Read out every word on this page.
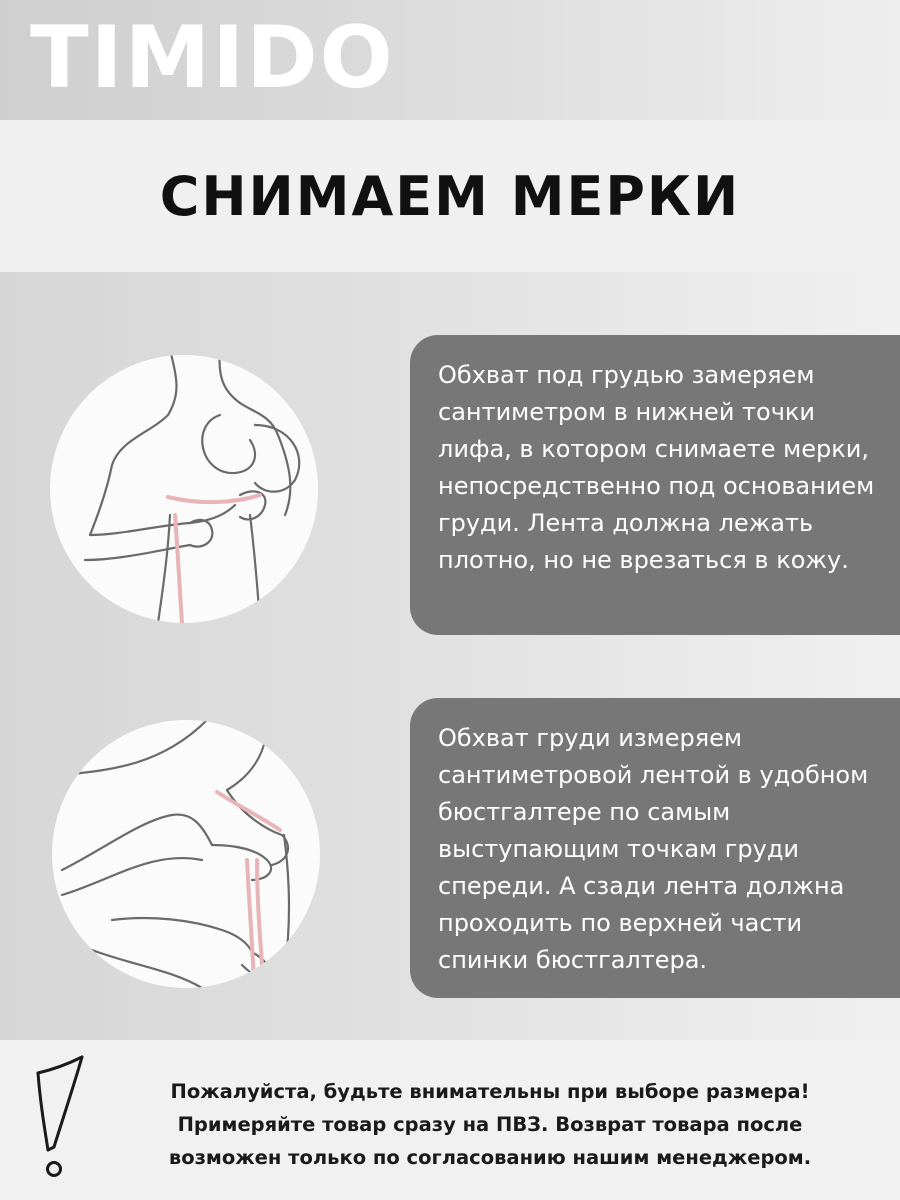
TIMIDO
СНИМАЕМ МЕРКИ
Обхват под грудью замеряем сантиметром в нижней точки лифа, в котором снимаете мерки, непосредственно под основанием груди. Лента должна лежать плотно, но не врезаться в кожу.
Обхват груди измеряем сантиметровой лентой в удобном бюстгалтере по самым выступающим точкам груди спереди. А сзади лента должна проходить по верхней части спинки бюстгалтера.
Пожалуйста, будьте внимательны при выборе размера!
Примеряйте товар сразу на ПВЗ. Возврат товара после
возможен только по согласованию нашим менеджером.
